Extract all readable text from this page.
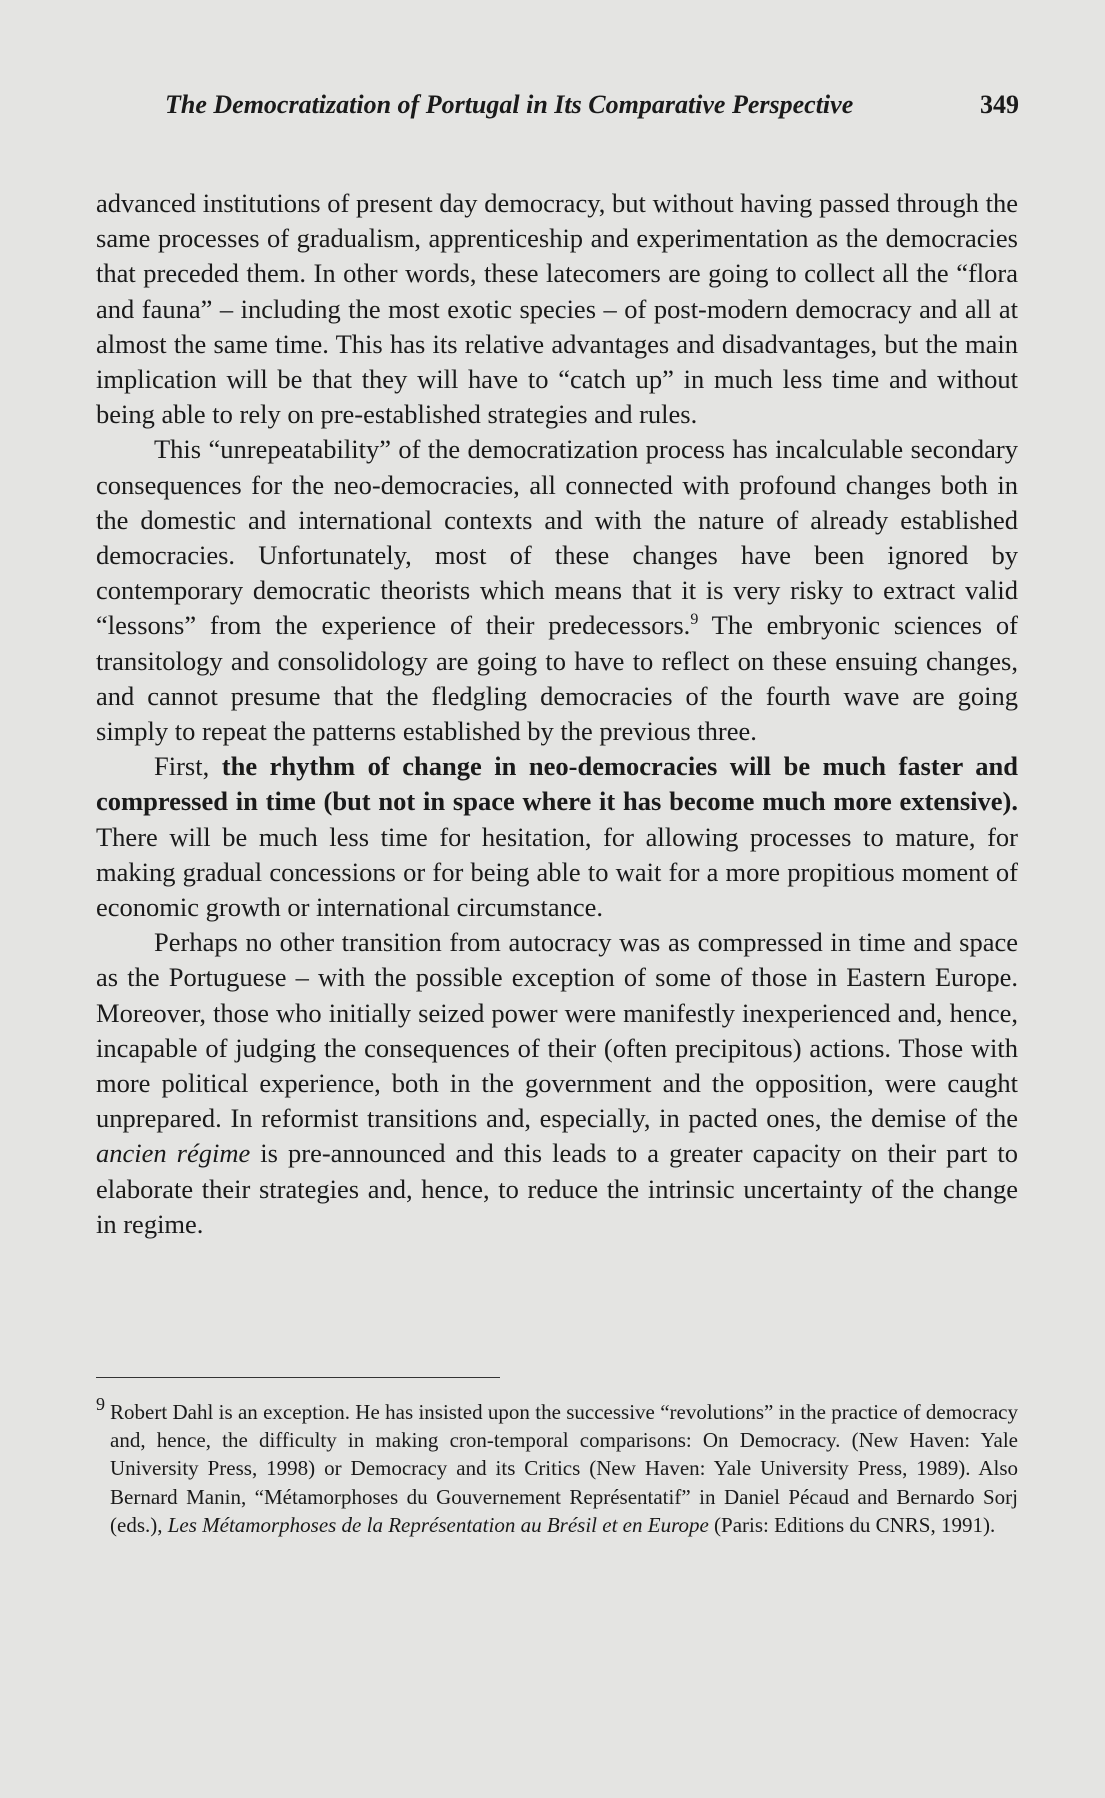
The Democratization of Portugal in Its Comparative Perspective	349

advanced institutions of present day democracy, but without having passed through the same processes of gradualism, apprenticeship and experimentation as the democracies that preceded them. In other words, these latecomers are going to collect all the “flora and fauna” – including the most exotic species – of post-modern democracy and all at almost the same time. This has its relative advantages and disadvantages, but the main implication will be that they will have to “catch up” in much less time and without being able to rely on pre-established strategies and rules.

This “unrepeatability” of the democratization process has incalculable secondary consequences for the neo-democracies, all connected with profound changes both in the domestic and international contexts and with the nature of already established democracies. Unfortunately, most of these changes have been ignored by contemporary democratic theorists which means that it is very risky to extract valid “lessons” from the experience of their predecessors.$^9$ The embryonic sciences of transitology and consolidology are going to have to reflect on these ensuing changes, and cannot presume that the fledgling democracies of the fourth wave are going simply to repeat the patterns established by the previous three.

First, the rhythm of change in neo-democracies will be much faster and compressed in time (but not in space where it has become much more extensive). There will be much less time for hesitation, for allowing processes to mature, for making gradual concessions or for being able to wait for a more propitious moment of economic growth or international circumstance.

Perhaps no other transition from autocracy was as compressed in time and space as the Portuguese – with the possible exception of some of those in Eastern Europe. Moreover, those who initially seized power were manifestly inexperienced and, hence, incapable of judging the consequences of their (often precipitous) actions. Those with more political experience, both in the government and the opposition, were caught unprepared. In reformist transitions and, especially, in pacted ones, the demise of the ancien régime is pre-announced and this leads to a greater capacity on their part to elaborate their strategies and, hence, to reduce the intrinsic uncertainty of the change in regime.

9 Robert Dahl is an exception. He has insisted upon the successive “revolutions” in the practice of democracy and, hence, the difficulty in making cron-temporal comparisons: On Democracy. (New Haven: Yale University Press, 1998) or Democracy and its Critics (New Haven: Yale University Press, 1989). Also Bernard Manin, “Métamorphoses du Gouvernement Représentatif” in Daniel Pécaud and Bernardo Sorj (eds.), Les Métamorphoses de la Représentation au Brésil et en Europe (Paris: Editions du CNRS, 1991).
